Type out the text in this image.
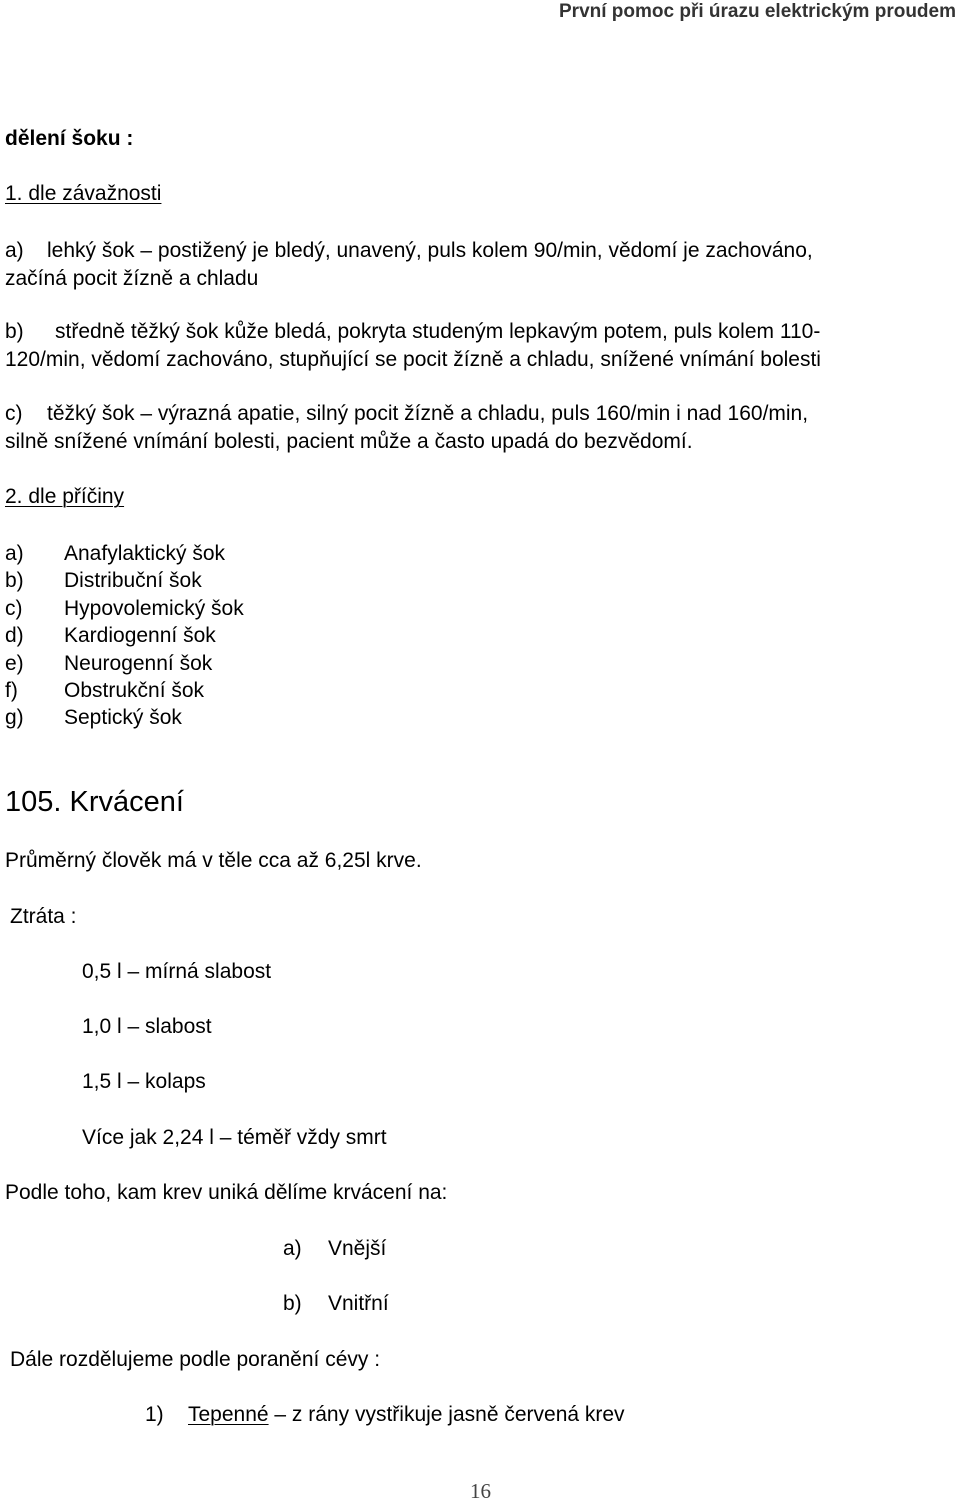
První pomoc při úrazu elektrickým proudem
dělení šoku :
1. dle závažnosti
a) lehký šok – postižený je bledý, unavený, puls kolem 90/min, vědomí je zachováno,
začíná pocit žízně a chladu
b) středně těžký šok kůže bledá, pokryta studeným lepkavým potem, puls kolem 110-
120/min, vědomí zachováno, stupňující se pocit žízně a chladu, snížené vnímání bolesti
c) těžký šok – výrazná apatie, silný pocit žízně a chladu, puls 160/min i nad 160/min,
silně snížené vnímání bolesti, pacient může a často upadá do bezvědomí.
2. dle příčiny
a) Anafylaktický šok
b) Distribuční šok
c) Hypovolemický šok
d) Kardiogenní šok
e) Neurogenní šok
f) Obstrukční šok
g) Septický šok
105. Krvácení
Průměrný člověk má v těle cca až 6,25l krve.
Ztráta :
0,5 l – mírná slabost
1,0 l – slabost
1,5 l – kolaps
Více jak 2,24 l – téměř vždy smrt
Podle toho, kam krev uniká dělíme krvácení na:
a) Vnější
b) Vnitřní
Dále rozdělujeme podle poranění cévy :
1) Tepenné – z rány vystřikuje jasně červená krev
16
